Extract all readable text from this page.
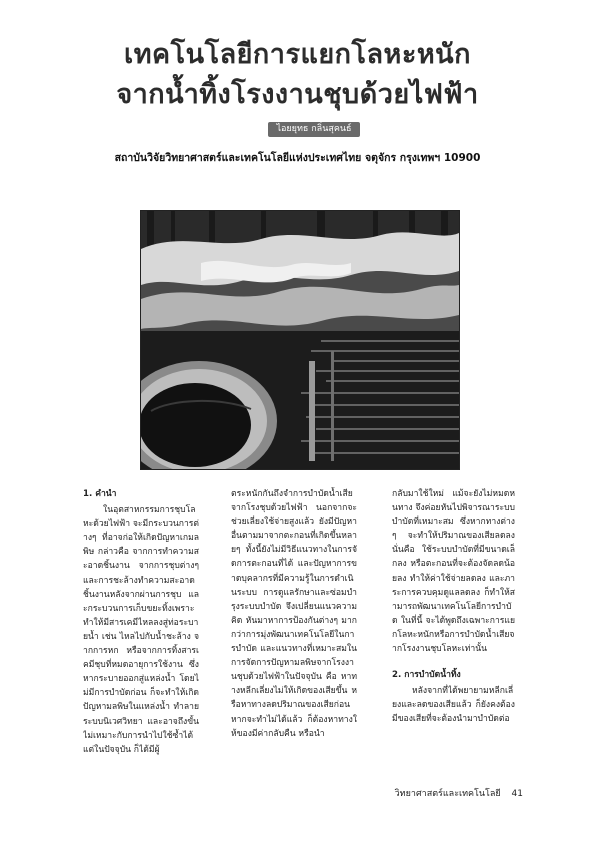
เทคโนโลยีการแยกโลหะหนัก
จากน้ำทิ้งโรงงานชุบด้วยไฟฟ้า
ไอยยุทธ กลิ่นสุคนธ์
สถาบันวิจัยวิทยาศาสตร์และเทคโนโลยีแห่งประเทศไทย จตุจักร กรุงเทพฯ 10900
1. คำนำ
ในอุตสาหกรรมการชุบโลหะด้วยไฟฟ้า จะมีกระบวนการต่างๆ ที่อาจก่อให้เกิดปัญหาเกมลพิษ กล่าวคือ จากการทำความสะอาดชิ้นงาน จากการชุบต่างๆ และการชะล้างทำความสะอาดชิ้นงานหลังจากผ่านการชุบ และกระบวนการเก็บขยะทิ้งเพราะทำให้มีสารเคมีไหลลงสู่ท่อระบายน้ำ เช่น ไหลไปกับน้ำชะล้าง จากการหก หรือจากการทิ้งสารเคมีชุบที่หมดอายุการใช้งาน ซึ่งหากระบายออกสู่แหล่งน้ำ โดยไม่มีการบำบัดก่อน ก็จะทำให้เกิดปัญหามลพิษในแหล่งน้ำ ทำลายระบบนิเวศวิทยา และอาจถึงขั้นไม่เหมาะกับการนำไปใช้ซ้ำได้ แต่ในปัจจุบัน ก็ได้มีผู้
ตระหนักกันถึงจำการบำบัดน้ำเสียจากโรงชุบด้วยไฟฟ้า นอกจากจะช่วยเลี่ยงใช้จ่ายสูงแล้ว ยังมีปัญหาอื่นตามมาจากตะกอนที่เกิดขึ้นหลายๆ ทั้งนี้ยังไม่มีวิธีแนวทางในการจัดการตะกอนที่ได้ และปัญหาการขาดบุคลากรที่มีความรู้ในการดำเนินระบบ การดูแลรักษาและซ่อมบำรุงระบบบำบัด จึงเปลี่ยนแนวความคิด หันมาหาการป้องกันต่างๆ มากกว่าการมุ่งพัฒนาเทคโนโลยีในการบำบัด และแนวทางที่เหมาะสมในการจัดการปัญหามลพิษจากโรงงานชุบด้วยไฟฟ้าในปัจจุบัน คือ หาทางหลีกเลี่ยงไม่ให้เกิดของเสียขึ้น หรือหาทางลดปริมาณของเสียก่อน หากจะทำไม่ได้แล้ว ก็ต้องหาทางให้ของมีค่ากลับคืน หรือนำ
กลับมาใช้ใหม่ แม้จะยังไม่หมดหนทาง จึงค่อยหันไปพิจารณาระบบบำบัดที่เหมาะสม ซึ่งหากทางต่างๆ จะทำให้ปริมาณของเสียลดลง นั่นคือ ใช้ระบบบำบัดที่มีขนาดเล็กลง หรือตะกอนที่จะต้องจัดลดน้อยลง ทำให้ค่าใช้จ่ายลดลง และภาระการควบคุมดูแลลดลง ก็ทำให้สามารถพัฒนาเทคโนโลยีการบำบัด ในที่นี้ จะได้พูดถึงเฉพาะการแยกโลหะหนักหรือการบำบัดน้ำเสียจากโรงงานชุบโลหะเท่านั้น
2. การบำบัดน้ำทิ้ง
หลังจากที่ได้พยายามหลีกเลี่ยงและลดของเสียแล้ว ก็ยังคงต้องมีของเสียที่จะต้องนำมาบำบัดต่อ
วิทยาศาสตร์และเทคโนโลยี 41
